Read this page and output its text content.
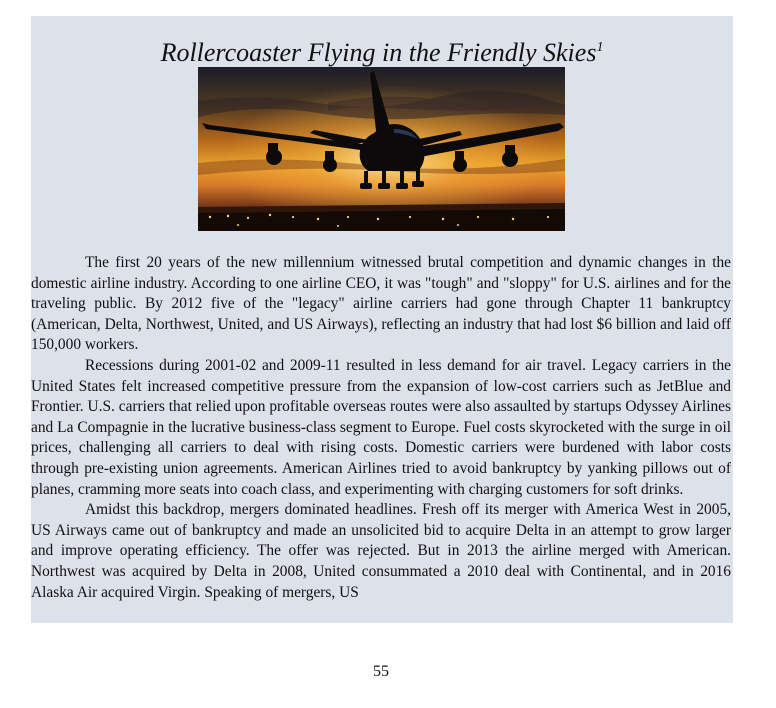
Rollercoaster Flying in the Friendly Skies$^1$

The first 20 years of the new millennium witnessed brutal competition and dynamic changes in the domestic airline industry. According to one airline CEO, it was "tough" and "sloppy" for U.S. airlines and for the traveling public. By 2012 five of the "legacy" airline carriers had gone through Chapter 11 bankruptcy (American, Delta, Northwest, United, and US Airways), reflecting an industry that had lost $6 billion and laid off 150,000 workers.

Recessions during 2001-02 and 2009-11 resulted in less demand for air travel. Legacy carriers in the United States felt increased competitive pressure from the expansion of low-cost carriers such as JetBlue and Frontier. U.S. carriers that relied upon profitable overseas routes were also assaulted by startups Odyssey Airlines and La Compagnie in the lucrative business-class segment to Europe. Fuel costs skyrocketed with the surge in oil prices, challenging all carriers to deal with rising costs. Domestic carriers were burdened with labor costs through pre-existing union agreements. American Airlines tried to avoid bankruptcy by yanking pillows out of planes, cramming more seats into coach class, and experimenting with charging customers for soft drinks.

Amidst this backdrop, mergers dominated headlines. Fresh off its merger with America West in 2005, US Airways came out of bankruptcy and made an unsolicited bid to acquire Delta in an attempt to grow larger and improve operating efficiency. The offer was rejected. But in 2013 the airline merged with American. Northwest was acquired by Delta in 2008, United consummated a 2010 deal with Continental, and in 2016 Alaska Air acquired Virgin. Speaking of mergers, US

55
